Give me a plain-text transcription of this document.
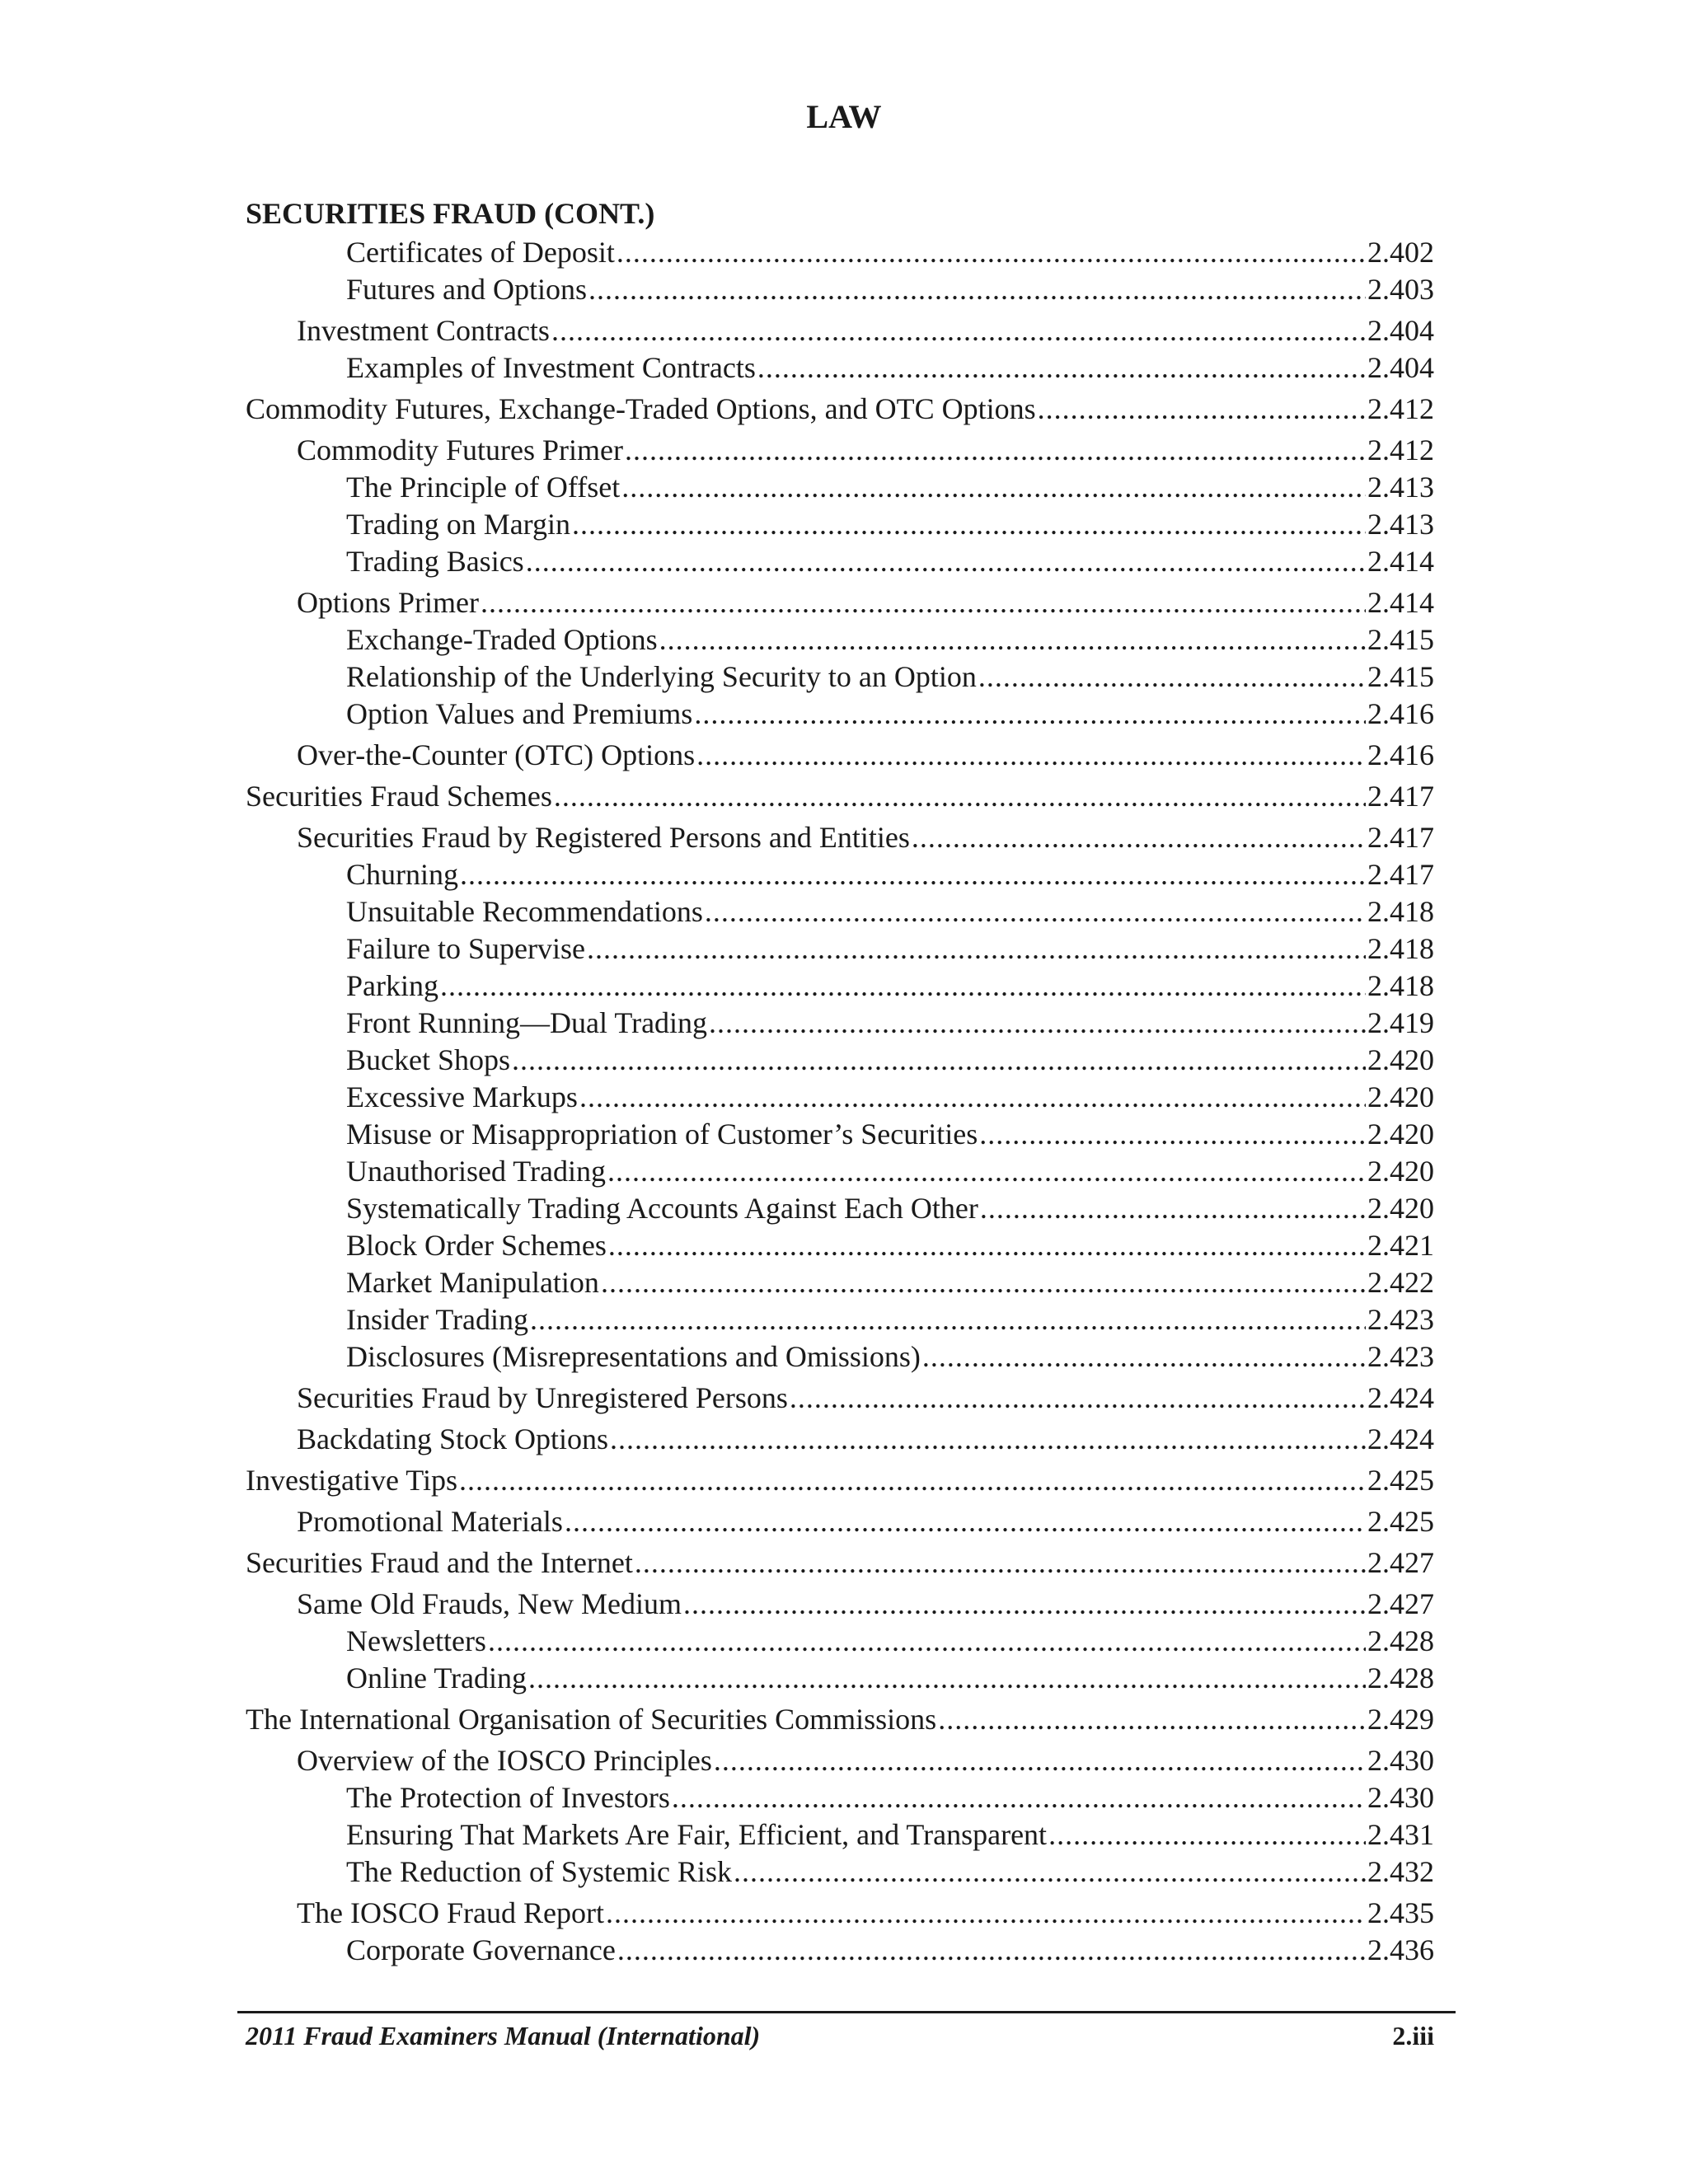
LAW
SECURITIES FRAUD (CONT.)
Certificates of Deposit .....	2.402
Futures and Options .....	2.403
Investment Contracts .....	2.404
Examples of Investment Contracts .....	2.404
Commodity Futures, Exchange-Traded Options, and OTC Options .....	2.412
Commodity Futures Primer .....	2.412
The Principle of Offset .....	2.413
Trading on Margin .....	2.413
Trading Basics .....	2.414
Options Primer .....	2.414
Exchange-Traded Options .....	2.415
Relationship of the Underlying Security to an Option .....	2.415
Option Values and Premiums .....	2.416
Over-the-Counter (OTC) Options .....	2.416
Securities Fraud Schemes .....	2.417
Securities Fraud by Registered Persons and Entities .....	2.417
Churning .....	2.417
Unsuitable Recommendations .....	2.418
Failure to Supervise .....	2.418
Parking .....	2.418
Front Running—Dual Trading .....	2.419
Bucket Shops .....	2.420
Excessive Markups .....	2.420
Misuse or Misappropriation of Customer’s Securities .....	2.420
Unauthorised Trading .....	2.420
Systematically Trading Accounts Against Each Other .....	2.420
Block Order Schemes .....	2.421
Market Manipulation .....	2.422
Insider Trading .....	2.423
Disclosures (Misrepresentations and Omissions) .....	2.423
Securities Fraud by Unregistered Persons .....	2.424
Backdating Stock Options .....	2.424
Investigative Tips .....	2.425
Promotional Materials .....	2.425
Securities Fraud and the Internet .....	2.427
Same Old Frauds, New Medium .....	2.427
Newsletters .....	2.428
Online Trading .....	2.428
The International Organisation of Securities Commissions .....	2.429
Overview of the IOSCO Principles .....	2.430
The Protection of Investors .....	2.430
Ensuring That Markets Are Fair, Efficient, and Transparent .....	2.431
The Reduction of Systemic Risk .....	2.432
The IOSCO Fraud Report .....	2.435
Corporate Governance .....	2.436
2011 Fraud Examiners Manual (International)	2.iii
